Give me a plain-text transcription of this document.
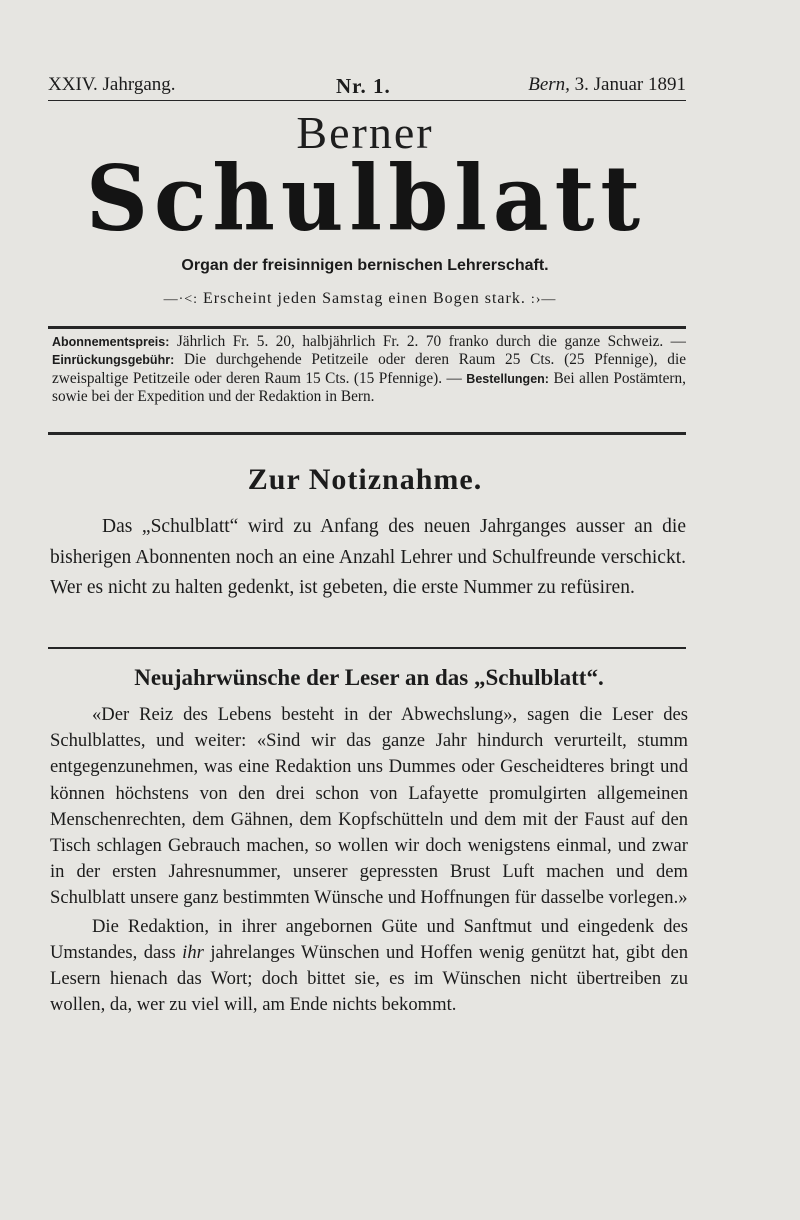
XXIV. Jahrgang.	Nr. 1.	Bern, 3. Januar 1891
Berner
Schulblatt
Organ der freisinnigen bernischen Lehrerschaft.
—·<: Erscheint jeden Samstag einen Bogen stark. :›—
Abonnementspreis: Jährlich Fr. 5. 20, halbjährlich Fr. 2. 70 franko durch die ganze Schweiz. — Einrückungsgebühr: Die durchgehende Petitzeile oder deren Raum 25 Cts. (25 Pfennige), die zweispaltige Petitzeile oder deren Raum 15 Cts. (15 Pfennige). — Bestellungen: Bei allen Postämtern, sowie bei der Expedition und der Redaktion in Bern.
Zur Notiznahme.

Das „Schulblatt“ wird zu Anfang des neuen Jahrganges ausser an die bisherigen Abonnenten noch an eine Anzahl Lehrer und Schulfreunde verschickt. Wer es nicht zu halten gedenkt, ist gebeten, die erste Nummer zu refüsiren.

Neujahrwünsche der Leser an das „Schulblatt“.

«Der Reiz des Lebens besteht in der Abwechslung», sagen die Leser des Schulblattes, und weiter: «Sind wir das ganze Jahr hindurch verurteilt, stumm entgegenzunehmen, was eine Redaktion uns Dummes oder Gescheidteres bringt und können höchstens von den drei schon von Lafayette promulgirten allgemeinen Menschenrechten, dem Gähnen, dem Kopfschütteln und dem mit der Faust auf den Tisch schlagen Gebrauch machen, so wollen wir doch wenigstens einmal, und zwar in der ersten Jahresnummer, unserer gepressten Brust Luft machen und dem Schulblatt unsere ganz bestimmten Wünsche und Hoffnungen für dasselbe vorlegen.»

Die Redaktion, in ihrer angebornen Güte und Sanftmut und eingedenk des Umstandes, dass ihr jahrelanges Wünschen und Hoffen wenig genützt hat, gibt den Lesern hienach das Wort; doch bittet sie, es im Wünschen nicht übertreiben zu wollen, da, wer zu viel will, am Ende nichts bekommt.
